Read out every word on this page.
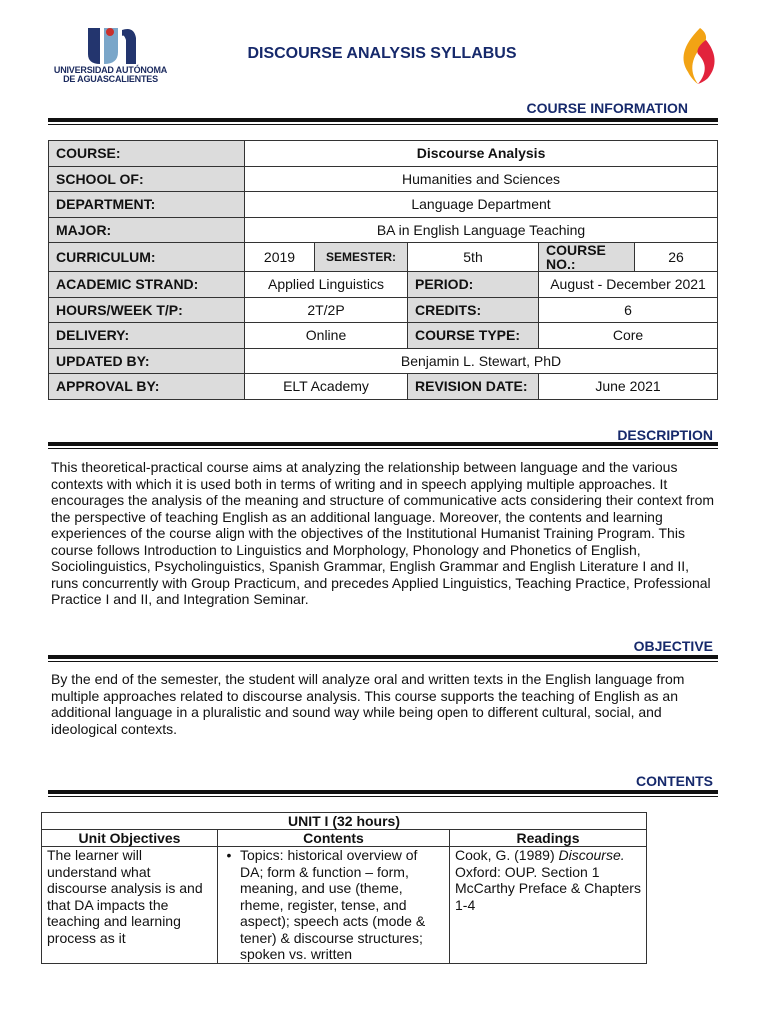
UNIVERSIDAD AUTÓNOMA
DE AGUASCALIENTES
DISCOURSE ANALYSIS SYLLABUS
COURSE INFORMATION
COURSE:	Discourse Analysis				
SCHOOL OF:	Humanities and Sciences				
DEPARTMENT:	Language Department				
MAJOR:	BA in English Language Teaching				
CURRICULUM:	2019	SEMESTER:	5th	COURSE NO.:	26
ACADEMIC STRAND:	Applied Linguistics		PERIOD:	August - December 2021	
HOURS/WEEK T/P:	2T/2P		CREDITS:	6	
DELIVERY:	Online		COURSE TYPE:	Core	
UPDATED BY:	Benjamin L. Stewart, PhD				
APPROVAL BY:	ELT Academy		REVISION DATE:	June 2021	
DESCRIPTION
This theoretical-practical course aims at analyzing the relationship between language and the various contexts with which it is used both in terms of writing and in speech applying multiple approaches. It encourages the analysis of the meaning and structure of communicative acts considering their context from the perspective of teaching English as an additional language. Moreover, the contents and learning experiences of the course align with the objectives of the Institutional Humanist Training Program. This course follows Introduction to Linguistics and Morphology, Phonology and Phonetics of English, Sociolinguistics, Psycholinguistics, Spanish Grammar, English Grammar and English Literature I and II, runs concurrently with Group Practicum, and precedes Applied Linguistics, Teaching Practice, Professional Practice I and II, and Integration Seminar.
OBJECTIVE
By the end of the semester, the student will analyze oral and written texts in the English language from multiple approaches related to discourse analysis. This course supports the teaching of English as an additional language in a pluralistic and sound way while being open to different cultural, social, and ideological contexts.
CONTENTS
UNIT I (32 hours)		
Unit Objectives	Contents	Readings
The learner will understand what discourse analysis is and that DA impacts the teaching and learning process as it	• Topics: historical overview of DA; form & function – form, meaning, and use (theme, rheme, register, tense, and aspect); speech acts (mode & tener) & discourse structures; spoken vs. written	Cook, G. (1989) Discourse. Oxford: OUP. Section 1 McCarthy Preface & Chapters 1-4
